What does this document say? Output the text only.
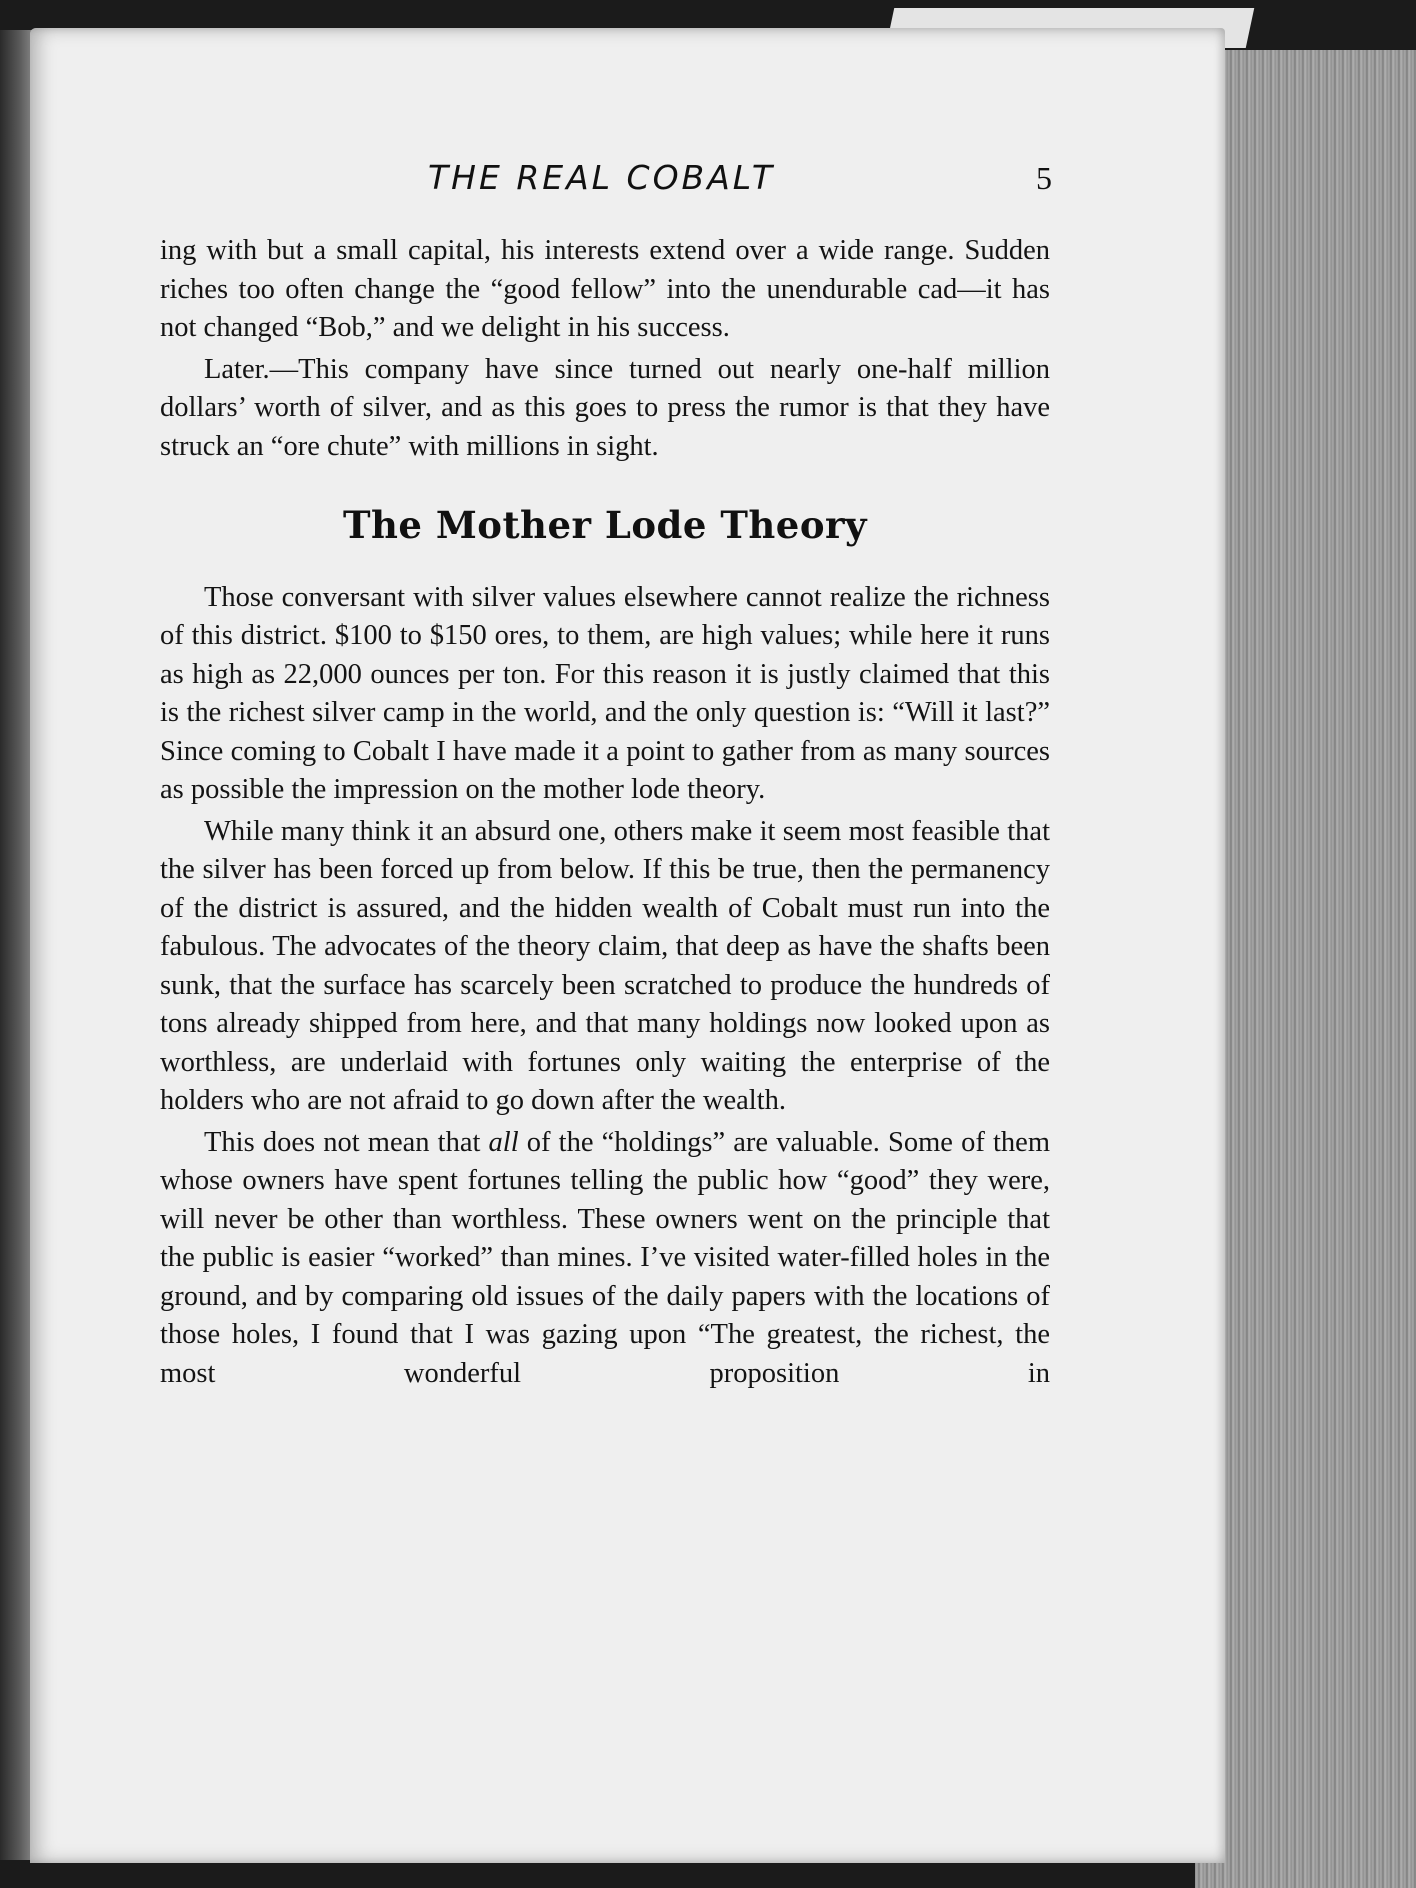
THE REAL COBALT	5

ing with but a small capital, his interests extend over a wide range. Sudden riches too often change the “good fellow” into the unendurable cad—it has not changed “Bob,” and we delight in his success.

Later.—This company have since turned out nearly one-half million dollars’ worth of silver, and as this goes to press the rumor is that they have struck an “ore chute” with millions in sight.

The Mother Lode Theory

Those conversant with silver values elsewhere cannot realize the richness of this district. $100 to $150 ores, to them, are high values; while here it runs as high as 22,000 ounces per ton. For this reason it is justly claimed that this is the richest silver camp in the world, and the only question is: “Will it last?” Since coming to Cobalt I have made it a point to gather from as many sources as possible the impression on the mother lode theory.

While many think it an absurd one, others make it seem most feasible that the silver has been forced up from below. If this be true, then the permanency of the district is assured, and the hidden wealth of Cobalt must run into the fabulous. The advocates of the theory claim, that deep as have the shafts been sunk, that the surface has scarcely been scratched to produce the hundreds of tons already shipped from here, and that many holdings now looked upon as worthless, are underlaid with fortunes only waiting the enterprise of the holders who are not afraid to go down after the wealth.

This does not mean that all of the “holdings” are valuable. Some of them whose owners have spent fortunes telling the public how “good” they were, will never be other than worthless. These owners went on the principle that the public is easier “worked” than mines. I’ve visited water-filled holes in the ground, and by comparing old issues of the daily papers with the locations of those holes, I found that I was gazing upon “The greatest, the richest, the most wonderful proposition in
